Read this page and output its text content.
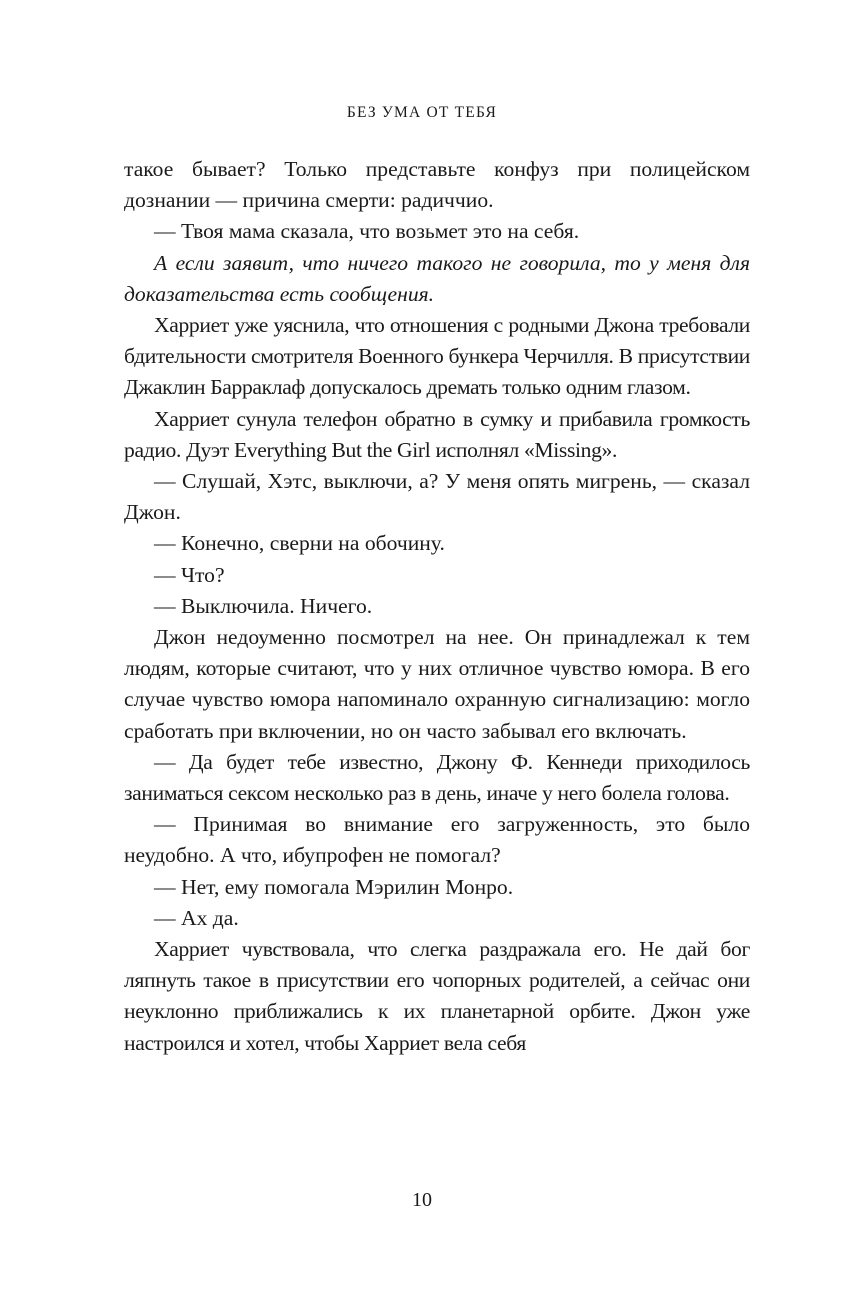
БЕЗ УМА ОТ ТЕБЯ

такое бывает? Только представьте конфуз при полицейском дознании — причина смерти: радиччио.

— Твоя мама сказала, что возьмет это на себя.

А если заявит, что ничего такого не говорила, то у меня для доказательства есть сообщения.

Харриет уже уяснила, что отношения с родными Джона требовали бдительности смотрителя Военного бункера Черчилля. В присутствии Джаклин Барраклаф допускалось дремать только одним глазом.

Харриет сунула телефон обратно в сумку и прибавила громкость радио. Дуэт Everything But the Girl исполнял «Missing».

— Слушай, Хэтс, выключи, а? У меня опять мигрень, — сказал Джон.

— Конечно, сверни на обочину.

— Что?

— Выключила. Ничего.

Джон недоуменно посмотрел на нее. Он принадлежал к тем людям, которые считают, что у них отличное чувство юмора. В его случае чувство юмора напоминало охранную сигнализацию: могло сработать при включении, но он часто забывал его включать.

— Да будет тебе известно, Джону Ф. Кеннеди приходилось заниматься сексом несколько раз в день, иначе у него болела голова.

— Принимая во внимание его загруженность, это было неудобно. А что, ибупрофен не помогал?

— Нет, ему помогала Мэрилин Монро.

— Ах да.

Харриет чувствовала, что слегка раздражала его. Не дай бог ляпнуть такое в присутствии его чопорных родителей, а сейчас они неуклонно приближались к их планетарной орбите. Джон уже настроился и хотел, чтобы Харриет вела себя

10
